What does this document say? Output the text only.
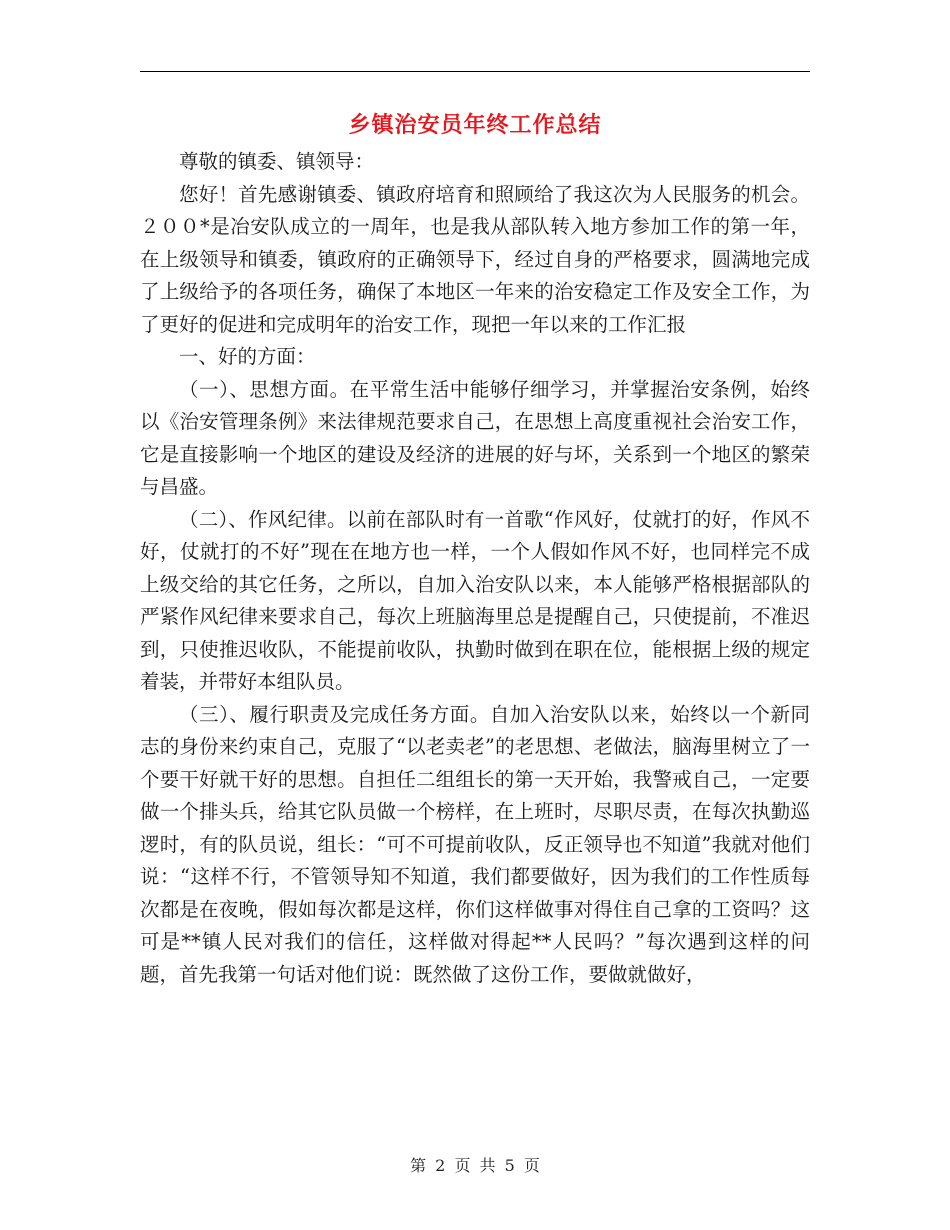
乡镇治安员年终工作总结

尊敬的镇委、镇领导：

您好！首先感谢镇委、镇政府培育和照顾给了我这次为人民服务的机会。２００*是冶安队成立的一周年，也是我从部队转入地方参加工作的第一年，在上级领导和镇委，镇政府的正确领导下，经过自身的严格要求，圆满地完成了上级给予的各项任务，确保了本地区一年来的治安稳定工作及安全工作，为了更好的促进和完成明年的治安工作，现把一年以来的工作汇报

一、好的方面：

（一）、思想方面。在平常生活中能够仔细学习，并掌握治安条例，始终以《治安管理条例》来法律规范要求自己，在思想上高度重视社会治安工作，它是直接影响一个地区的建设及经济的进展的好与坏，关系到一个地区的繁荣与昌盛。

（二）、作风纪律。以前在部队时有一首歌“作风好，仗就打的好，作风不好，仗就打的不好”现在在地方也一样，一个人假如作风不好，也同样完不成上级交给的其它任务，之所以，自加入治安队以来，本人能够严格根据部队的严紧作风纪律来要求自己，每次上班脑海里总是提醒自己，只使提前，不准迟到，只使推迟收队，不能提前收队，执勤时做到在职在位，能根据上级的规定着装，并带好本组队员。

（三）、履行职责及完成任务方面。自加入治安队以来，始终以一个新同志的身份来约束自己，克服了“以老卖老”的老思想、老做法，脑海里树立了一个要干好就干好的思想。自担任二组组长的第一天开始，我警戒自己，一定要做一个排头兵，给其它队员做一个榜样，在上班时，尽职尽责，在每次执勤巡逻时，有的队员说，组长：“可不可提前收队，反正领导也不知道”我就对他们说：“这样不行，不管领导知不知道，我们都要做好，因为我们的工作性质每次都是在夜晚，假如每次都是这样，你们这样做事对得住自己拿的工资吗？这可是**镇人民对我们的信任，这样做对得起**人民吗？”每次遇到这样的问题，首先我第一句话对他们说：既然做了这份工作，要做就做好，

第 2 页 共 5 页
